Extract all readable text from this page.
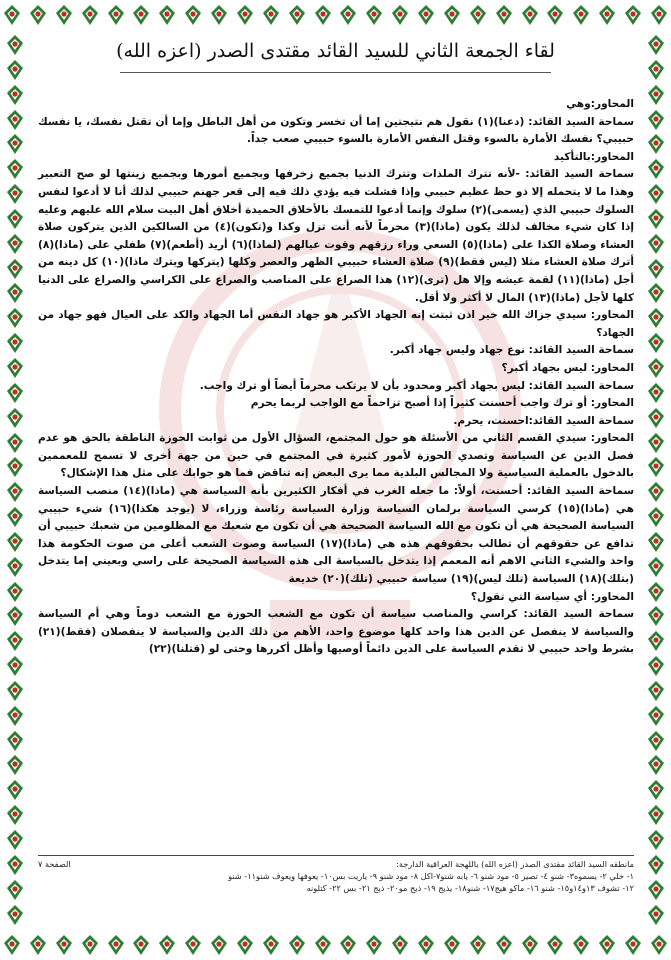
لقاء الجمعة الثاني للسيد القائد مقتدى الصدر (اعزه الله)

المحاور:وهي

سماحة السيد القائد: (دعنا)(١) نقول هم نتيجتين إما أن تخسر وتكون من أهل الباطل وإما أن تقتل نفسك، يا نفسك حبيبي؟ نفسك الأمارة بالسوء وقتل النفس الأمارة بالسوء حبيبي صعب جداً.

المحاور:بالتأكيد

سماحة السيد القائد: -لأنه تترك الملذات وتترك الدنيا بجميع زخرفها وبجميع أمورها وبجميع زينتها لو صح التعبير وهذا ما لا يتحمله إلا ذو حظ عظيم حبيبي وإذا فشلت فيه يؤدي ذلك فيه إلى قعر جهنم حبيبي لذلك أنا لا أدعوا لنفس السلوك حبيبي الذي (يسمى)(٢) سلوك وإنما أدعوا للتمسك بالأخلاق الحميدة أخلاق أهل البيت سلام الله عليهم وعليه إذا كان شيء مخالف لذلك يكون (ماذا)(٣) محرماً لأنه أنت تزل وكذا و(تكون)(٤) من السالكين الذين يتركون صلاة العشاء وصلاة الكذا على (ماذا)(٥) السعي وراء رزقهم وقوت عيالهم (لماذا)(٦) أريد (أطعم)(٧) طفلي على (ماذا)(٨) أترك صلاة العشاء مثلا (ليس فقط)(٩) صلاة العشاء حبيبي الظهر والعصر وكلها (يتركها ويترك ماذا)(١٠) كل دينه من أجل (ماذا)(١١) لقمة عيشه وإلا هل (ترى)(١٢) هذا الصراع على المناصب والصراع على الكراسي والصراع على الدنيا كلها لأجل (ماذا)(١٣) المال لا أكثر ولا أقل.

المحاور: سيدي جزاك الله خير اذن ثبتت إنه الجهاد الأكبر هو جهاد النفس أما الجهاد والكد على العيال فهو جهاد من الجهاد؟

سماحة السيد القائد: نوع جهاد وليس جهاد أكبر.

المحاور: ليس بجهاد أكبر؟

سماحة السيد القائد: ليس بجهاد أكبر ومحدود بأن لا يرتكب محرماً أيضاً أو ترك واجب.

المحاور: أو ترك واجب أحسنت كثيراً إذا أصبح تزاحماً مع الواجب لربما يحرم

سماحة السيد القائد:احسنت، يحرم.

المحاور: سيدي القسم الثاني من الأسئلة هو حول المجتمع، السؤال الأول من ثوابت الحوزة الناطقة بالحق هو عدم فصل الدين عن السياسة وتصدي الحوزة لأمور كثيرة في المجتمع في حين من جهة أخرى لا تسمح للمعممين بالدخول بالعملية السياسية ولا المجالس البلدية مما يرى البعض إنه تناقض فما هو جوابك على مثل هذا الإشكال؟

سماحة السيد القائد: أحسنت، أولاً: ما جعله الغرب في أفكار الكثيرين بأنه السياسة هي (ماذا)(١٤) منصب السياسة هي (ماذا)(١٥) كرسي السياسة برلمان السياسة وزارة السياسة رئاسة وزراء، لا (يوجد هكذا)(١٦) شيء حبيبي السياسة الصحيحة هي أن تكون مع الله السياسة الصحيحة هي أن تكون مع شعبك مع المظلومين من شعبك حبيبي أن تدافع عن حقوقهم أن تطالب بحقوقهم هذه هي (ماذا)(١٧) السياسة وصوت الشعب أعلى من صوت الحكومة هذا واحد والشيء الثاني الاهم أنه المعمم إذا يتدخل بالسياسة الى هذه السياسة الصحيحة على راسي وبعيني إما يتدخل (بتلك)(١٨) السياسة (تلك ليس)(١٩) سياسة حبيبي (تلك)(٢٠) خديعة

المحاور: أي سياسة التي تقول؟

سماحة السيد القائد: كراسي والمناصب سياسة أن تكون مع الشعب الحوزة مع الشعب دوماً وهي أم السياسة والسياسة لا ينفصل عن الدين هذا واحد كلها موضوع واحد، الأهم من ذلك الدين والسياسة لا ينفصلان (فقط)(٢١) بشرط واحد حبيبي لا تقدم السياسة على الدين دائماً أوصيها وأظل أكررها وحتى لو (قتلنا)(٢٢)

مانطقه السيد القائد مقتدى الصدر (اعزه الله) باللهجة العراقية الدارجة:

الصفحة ٧

١- خلي ٢- يسموه٣- شنو ٤- تصير ٥- مود شنو ٦- يابه شنو٧-اكل ٨- مود شنو ٩- ياريت بس١٠- يعوفها ويعوف شنو١١- شنو

١٢- تشوف ١٣و١٤و١٥- شنو ١٦- ماكو هيج١٧- شنو١٨- يذيج ١٩- ذيج مو٢٠- ذيج ٢١- بس ٢٢- كتلونه
